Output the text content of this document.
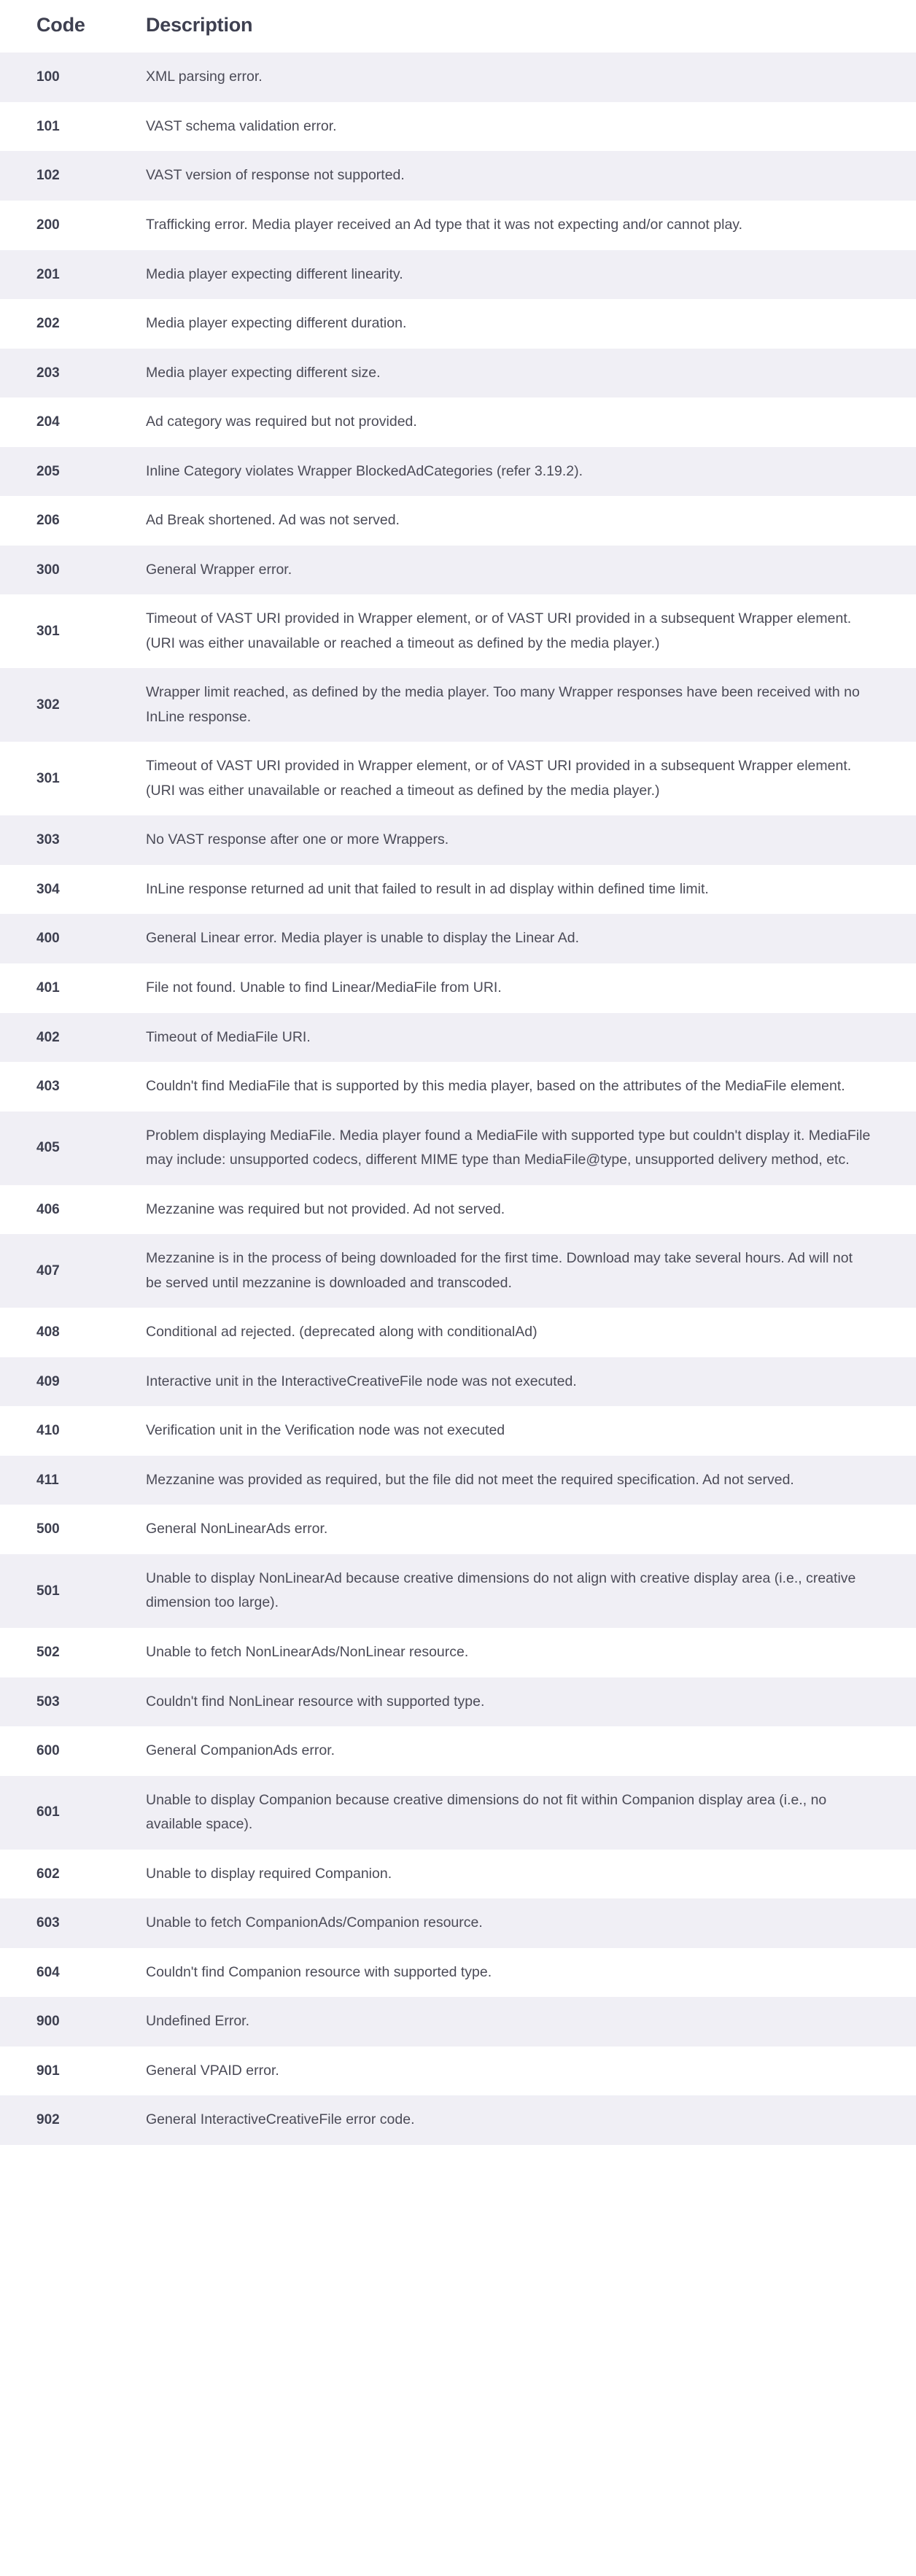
Code	Description
100	XML parsing error.
101	VAST schema validation error.
102	VAST version of response not supported.
200	Trafficking error. Media player received an Ad type that it was not expecting and/or cannot play.
201	Media player expecting different linearity.
202	Media player expecting different duration.
203	Media player expecting different size.
204	Ad category was required but not provided.
205	Inline Category violates Wrapper BlockedAdCategories (refer 3.19.2).
206	Ad Break shortened. Ad was not served.
300	General Wrapper error.
301	Timeout of VAST URI provided in Wrapper element, or of VAST URI provided in a subsequent Wrapper element. (URI was either unavailable or reached a timeout as defined by the media player.)
302	Wrapper limit reached, as defined by the media player. Too many Wrapper responses have been received with no InLine response.
301	Timeout of VAST URI provided in Wrapper element, or of VAST URI provided in a subsequent Wrapper element. (URI was either unavailable or reached a timeout as defined by the media player.)
303	No VAST response after one or more Wrappers.
304	InLine response returned ad unit that failed to result in ad display within defined time limit.
400	General Linear error. Media player is unable to display the Linear Ad.
401	File not found. Unable to find Linear/MediaFile from URI.
402	Timeout of MediaFile URI.
403	Couldn't find MediaFile that is supported by this media player, based on the attributes of the MediaFile element.
405	Problem displaying MediaFile. Media player found a MediaFile with supported type but couldn't display it. MediaFile may include: unsupported codecs, different MIME type than MediaFile@type, unsupported delivery method, etc.
406	Mezzanine was required but not provided. Ad not served.
407	Mezzanine is in the process of being downloaded for the first time. Download may take several hours. Ad will not be served until mezzanine is downloaded and transcoded.
408	Conditional ad rejected. (deprecated along with conditionalAd)
409	Interactive unit in the InteractiveCreativeFile node was not executed.
410	Verification unit in the Verification node was not executed
411	Mezzanine was provided as required, but the file did not meet the required specification. Ad not served.
500	General NonLinearAds error.
501	Unable to display NonLinearAd because creative dimensions do not align with creative display area (i.e., creative dimension too large).
502	Unable to fetch NonLinearAds/NonLinear resource.
503	Couldn't find NonLinear resource with supported type.
600	General CompanionAds error.
601	Unable to display Companion because creative dimensions do not fit within Companion display area (i.e., no available space).
602	Unable to display required Companion.
603	Unable to fetch CompanionAds/Companion resource.
604	Couldn't find Companion resource with supported type.
900	Undefined Error.
901	General VPAID error.
902	General InteractiveCreativeFile error code.
